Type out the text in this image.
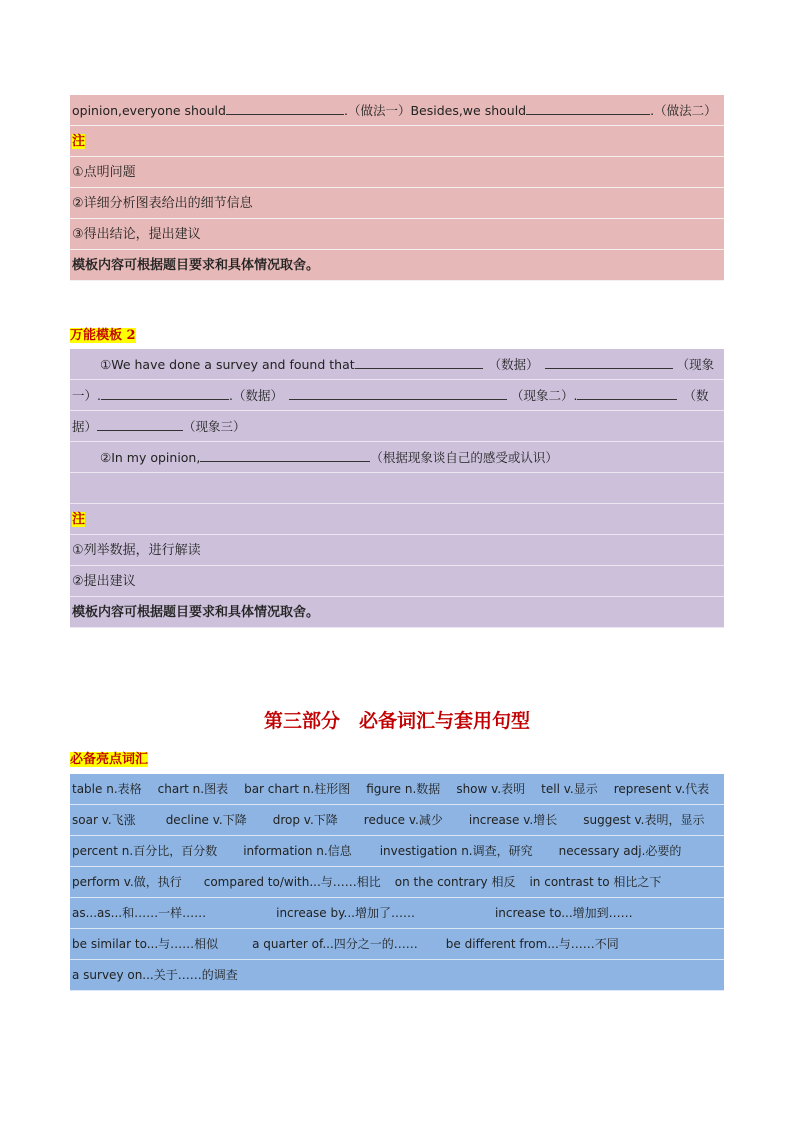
opinion,everyone should	.（做法一）Besides,we should	.（做法二）
注
①点明问题
②详细分析图表给出的细节信息
③得出结论，提出建议
模板内容可根据题目要求和具体情况取舍。
万能模板 2
①We have done a survey and found that	（数据）	（现象
一）.	.（数据）	（现象二）.	（数
据）	（现象三）
②In my opinion,	（根据现象谈自己的感受或认识）
注
①列举数据，进行解读
②提出建议
模板内容可根据题目要求和具体情况取舍。
第三部分　必备词汇与套用句型
必备亮点词汇
table n.表格 chart n.图表 bar chart n.柱形图 figure n.数据 show v.表明 tell v.显示 represent v.代表
soar v.飞涨	decline v.下降 drop v.下降 reduce v.减少 increase v.增长 suggest v.表明，显示
percent n.百分比，百分数 information n.信息 investigation n.调查，研究 necessary adj.必要的
perform v.做，执行 compared to/with...与……相比 on the contrary 相反 in contrast to 相比之下
as...as...和……一样……	increase by...增加了……	increase to...增加到……
be similar to...与……相似	a quarter of...四分之一的…… be different from...与……不同
a survey on...关于……的调查
